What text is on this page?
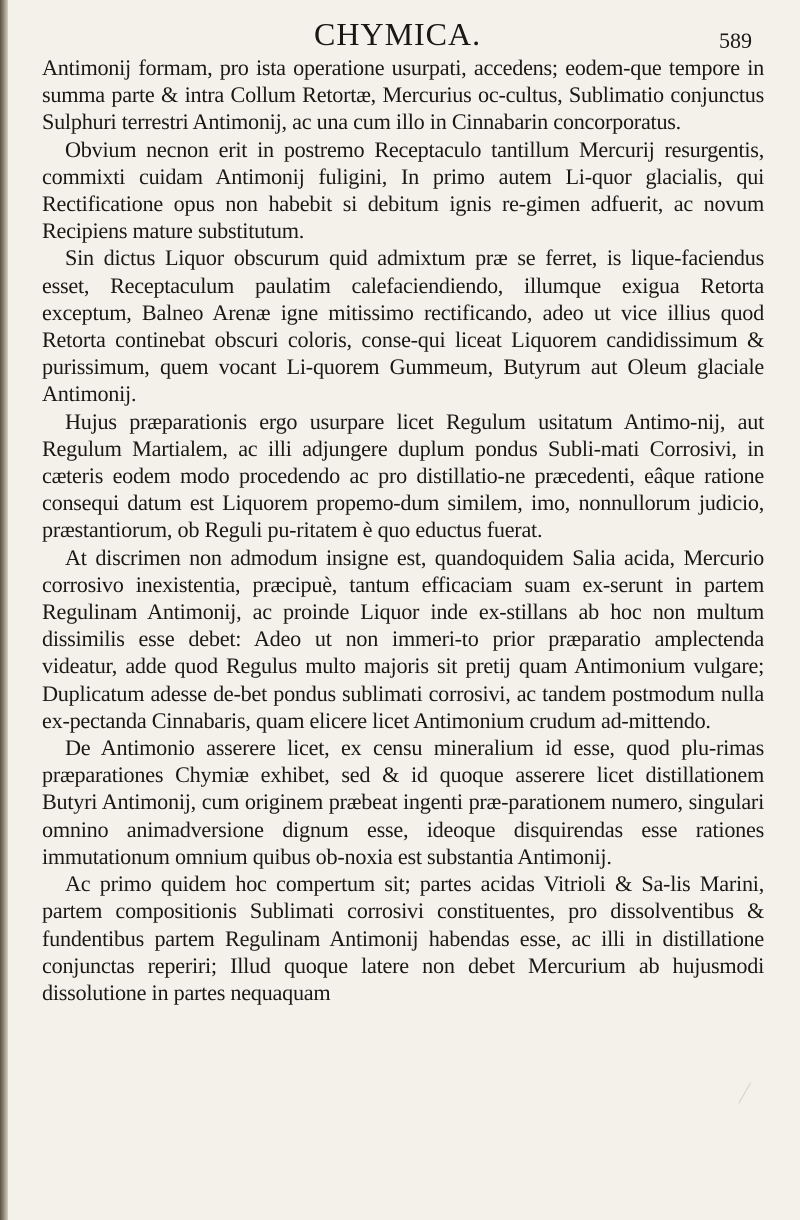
CHYMICA.	589

Antimonij formam, pro ista operatione usurpati, accedens; eodem-que tempore in summa parte & intra Collum Retortæ, Mercurius oc-cultus, Sublimatio conjunctus Sulphuri terrestri Antimonij, ac una cum illo in Cinnabarin concorporatus.

Obvium necnon erit in postremo Receptaculo tantillum Mercurij resurgentis, commixti cuidam Antimonij fuligini, In primo autem Li-quor glacialis, qui Rectificatione opus non habebit si debitum ignis re-gimen adfuerit, ac novum Recipiens mature substitutum.

Sin dictus Liquor obscurum quid admixtum præ se ferret, is lique-faciendus esset, Receptaculum paulatim calefaciendiendo, illumque exigua Retorta exceptum, Balneo Arenæ igne mitissimo rectificando, adeo ut vice illius quod Retorta continebat obscuri coloris, conse-qui liceat Liquorem candidissimum & purissimum, quem vocant Li-quorem Gummeum, Butyrum aut Oleum glaciale Antimonij.

Hujus præparationis ergo usurpare licet Regulum usitatum Antimo-nij, aut Regulum Martialem, ac illi adjungere duplum pondus Subli-mati Corrosivi, in cæteris eodem modo procedendo ac pro distillatio-ne præcedenti, eâque ratione consequi datum est Liquorem propemo-dum similem, imo, nonnullorum judicio, præstantiorum, ob Reguli pu-ritatem è quo eductus fuerat.

At discrimen non admodum insigne est, quandoquidem Salia acida, Mercurio corrosivo inexistentia, præcipuè, tantum efficaciam suam ex-serunt in partem Regulinam Antimonij, ac proinde Liquor inde ex-stillans ab hoc non multum dissimilis esse debet: Adeo ut non immeri-to prior præparatio amplectenda videatur, adde quod Regulus multo majoris sit pretij quam Antimonium vulgare; Duplicatum adesse de-bet pondus sublimati corrosivi, ac tandem postmodum nulla ex-pectanda Cinnabaris, quam elicere licet Antimonium crudum ad-mittendo.

De Antimonio asserere licet, ex censu mineralium id esse, quod plu-rimas præparationes Chymiæ exhibet, sed & id quoque asserere licet distillationem Butyri Antimonij, cum originem præbeat ingenti præ-parationem numero, singulari omnino animadversione dignum esse, ideoque disquirendas esse rationes immutationum omnium quibus ob-noxia est substantia Antimonij.

Ac primo quidem hoc compertum sit; partes acidas Vitrioli & Sa-lis Marini, partem compositionis Sublimati corrosivi constituentes, pro dissolventibus & fundentibus partem Regulinam Antimonij habendas esse, ac illi in distillatione conjunctas reperiri; Illud quoque latere non debet Mercurium ab hujusmodi dissolutione in partes nequaquam
